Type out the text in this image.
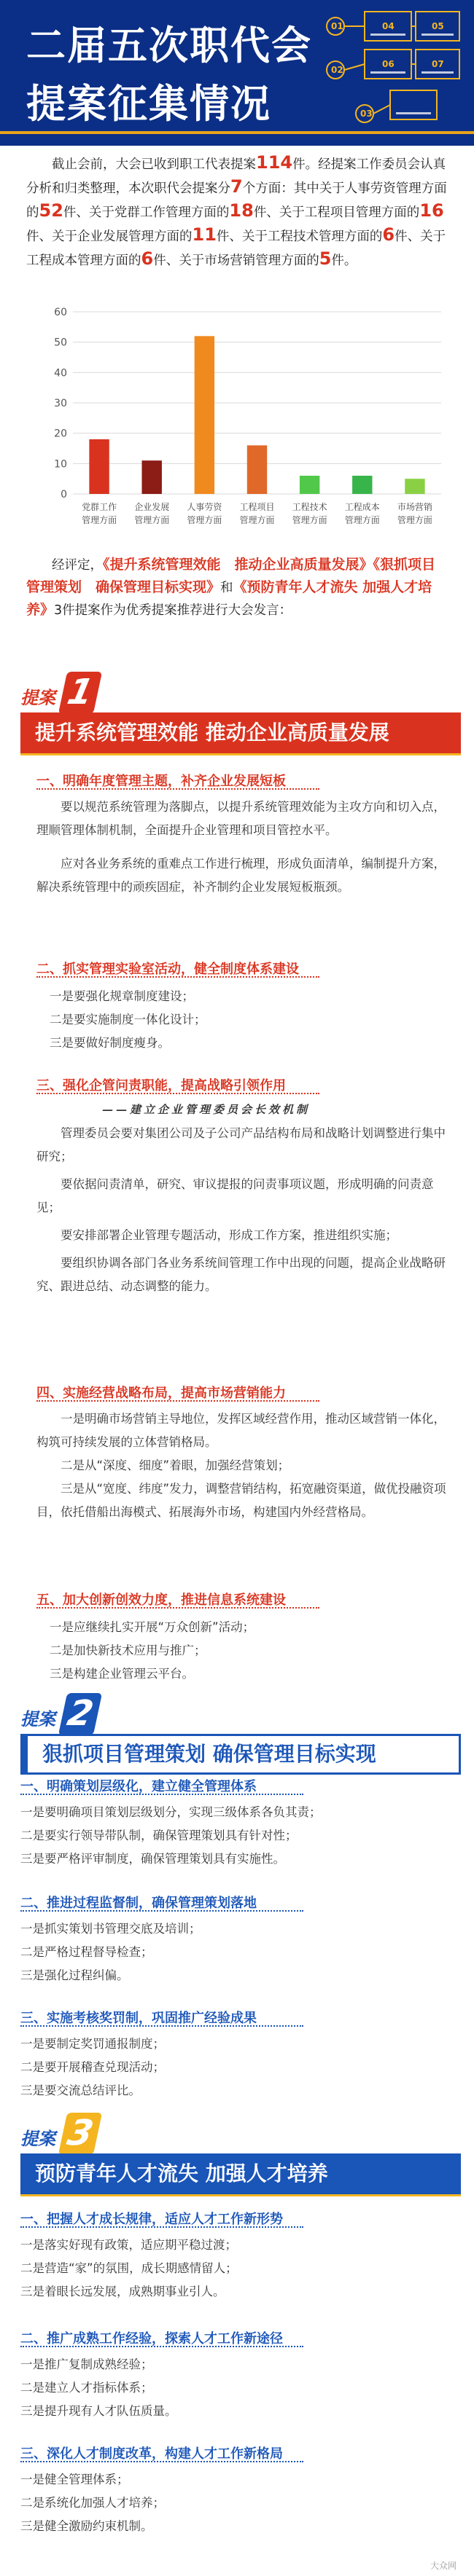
二届五次职代会
提案征集情况
01
02
03
04	05
06	07
截止会前，大会已收到职工代表提案114件。经提案工作委员会认真分析和归类整理，本次职代会提案分7个方面：其中关于人事劳资管理方面的52件、关于党群工作管理方面的18件、关于工程项目管理方面的16件、关于企业发展管理方面的11件、关于工程技术管理方面的6件、关于工程成本管理方面的6件、关于市场营销管理方面的5件。
0
10
20
30
40
50
60
党群工作
管理方面
企业发展
管理方面
人事劳资
管理方面
工程项目
管理方面
工程技术
管理方面
工程成本
管理方面
市场营销
管理方面
经评定，《提升系统管理效能　推动企业高质量发展》《狠抓项目管理策划　确保管理目标实现》和《预防青年人才流失 加强人才培养》3件提案作为优秀提案推荐进行大会发言：
提案 1
提升系统管理效能 推动企业高质量发展
一、明确年度管理主题，补齐企业发展短板

要以规范系统管理为落脚点，以提升系统管理效能为主攻方向和切入点，理顺管理体制机制，全面提升企业管理和项目管控水平。

应对各业务系统的重难点工作进行梳理，形成负面清单，编制提升方案，解决系统管理中的顽疾固症，补齐制约企业发展短板瓶颈。

二、抓实管理实验室活动，健全制度体系建设

一是要强化规章制度建设；

二是要实施制度一体化设计；

三是要做好制度瘦身。

三、强化企管问责职能，提高战略引领作用
——建立企业管理委员会长效机制

管理委员会要对集团公司及子公司产品结构布局和战略计划调整进行集中研究；

要依据问责清单，研究、审议提报的问责事项议题，形成明确的问责意见；

要安排部署企业管理专题活动，形成工作方案，推进组织实施；

要组织协调各部门各业务系统间管理工作中出现的问题，提高企业战略研究、跟进总结、动态调整的能力。

四、实施经营战略布局，提高市场营销能力

一是明确市场营销主导地位，发挥区域经营作用，推动区域营销一体化，构筑可持续发展的立体营销格局。

二是从“深度、细度”着眼，加强经营策划；

三是从“宽度、纬度”发力，调整营销结构，拓宽融资渠道，做优投融资项目，依托借船出海模式、拓展海外市场，构建国内外经营格局。

五、加大创新创效力度，推进信息系统建设

一是应继续扎实开展“万众创新”活动；

二是加快新技术应用与推广；

三是构建企业管理云平台。

提案 2
狠抓项目管理策划 确保管理目标实现
一、明确策划层级化，建立健全管理体系

一是要明确项目策划层级划分，实现三级体系各负其责；

二是要实行领导带队制，确保管理策划具有针对性；

三是要严格评审制度，确保管理策划具有实施性。

二、推进过程监督制，确保管理策划落地

一是抓实策划书管理交底及培训；

二是严格过程督导检查；

三是强化过程纠偏。

三、实施考核奖罚制，巩固推广经验成果

一是要制定奖罚通报制度；

二是要开展稽查兑现活动；

三是要交流总结评比。

提案 3
预防青年人才流失 加强人才培养
一、把握人才成长规律，适应人才工作新形势

一是落实好现有政策，适应期平稳过渡；

二是营造“家”的氛围，成长期感情留人；

三是着眼长远发展，成熟期事业引人。

二、推广成熟工作经验，探索人才工作新途径

一是推广复制成熟经验；

二是建立人才指标体系；

三是提升现有人才队伍质量。

三、深化人才制度改革，构建人才工作新格局

一是健全管理体系；

二是系统化加强人才培养；

三是健全激励约束机制。

大众网
